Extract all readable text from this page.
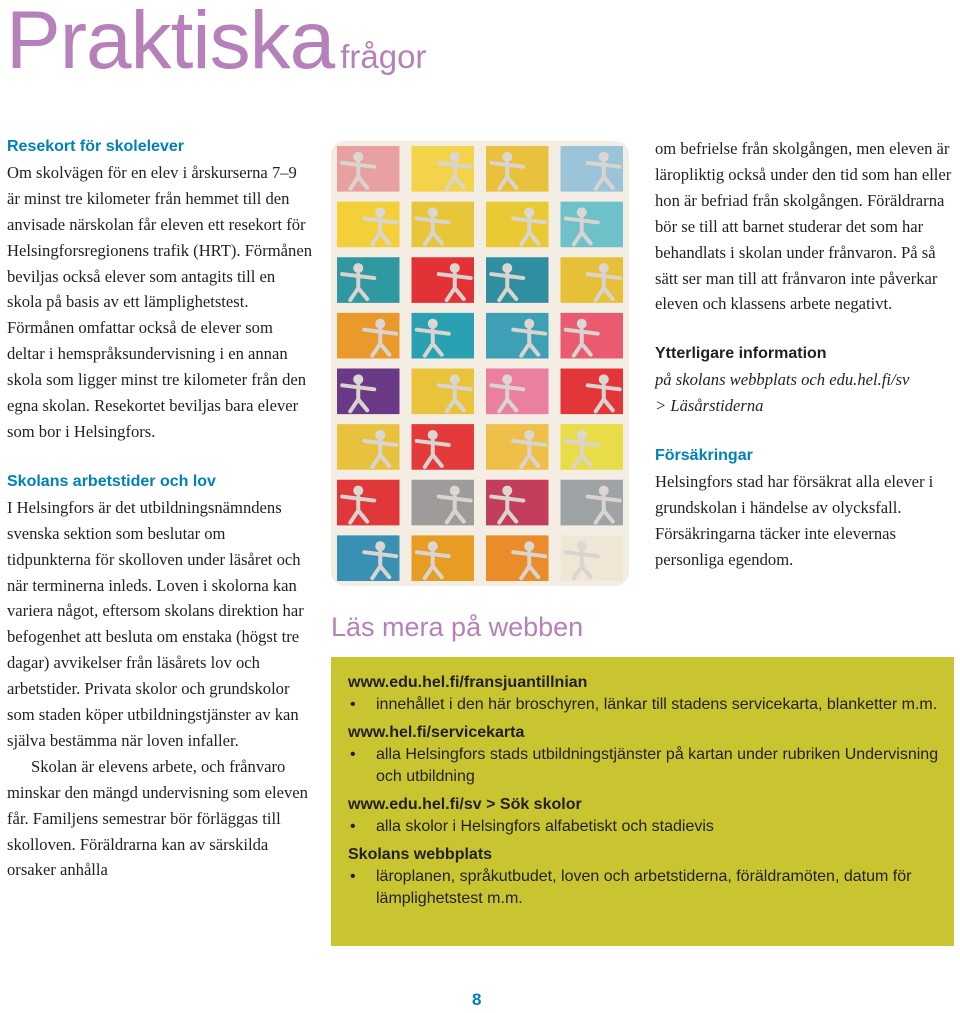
Praktiska frågor

Resekort för skolelever

Om skolvägen för en elev i årskurserna 7–9 är minst tre kilometer från hemmet till den anvisade närskolan får eleven ett resekort för Helsingforsregionens trafik (HRT). Förmånen beviljas också elever som antagits till en skola på basis av ett lämplighetstest. Förmånen omfattar också de elever som deltar i hemspråksundervisning i en annan skola som ligger minst tre kilometer från den egna skolan. Resekortet beviljas bara elever som bor i Helsingfors.

Skolans arbetstider och lov

I Helsingfors är det utbildningsnämndens svenska sektion som beslutar om tidpunkterna för skolloven under läsåret och när terminerna inleds. Loven i skolorna kan variera något, eftersom skolans direktion har befogenhet att besluta om enstaka (högst tre dagar) avvikelser från läsårets lov och arbetstider. Privata skolor och grundskolor som staden köper utbildningstjänster av kan själva bestämma när loven infaller.

Skolan är elevens arbete, och frånvaro minskar den mängd undervisning som eleven får. Familjens semestrar bör förläggas till skolloven. Föräldrarna kan av särskilda orsaker anhålla

om befrielse från skolgången, men eleven är läropliktig också under den tid som han eller hon är befriad från skolgången. Föräldrarna bör se till att barnet studerar det som har behandlats i skolan under frånvaron. På så sätt ser man till att frånvaron inte påverkar eleven och klassens arbete negativt.

Ytterligare information

på skolans webbplats och edu.hel.fi/sv

> Läsårstiderna

Försäkringar

Helsingfors stad har försäkrat alla elever i grundskolan i händelse av olycksfall. Försäkringarna täcker inte elevernas personliga egendom.

Läs mera på webben
www.edu.hel.fi/fransjuantillnian
• innehållet i den här broschyren, länkar till stadens servicekarta, blanketter m.m.
www.hel.fi/servicekarta
• alla Helsingfors stads utbildningstjänster på kartan under rubriken Undervisning och utbildning
www.edu.hel.fi/sv > Sök skolor
• alla skolor i Helsingfors alfabetiskt och stadievis
Skolans webbplats
• läroplanen, språkutbudet, loven och arbetstiderna, föräldramöten, datum för lämplighetstest m.m.
8
